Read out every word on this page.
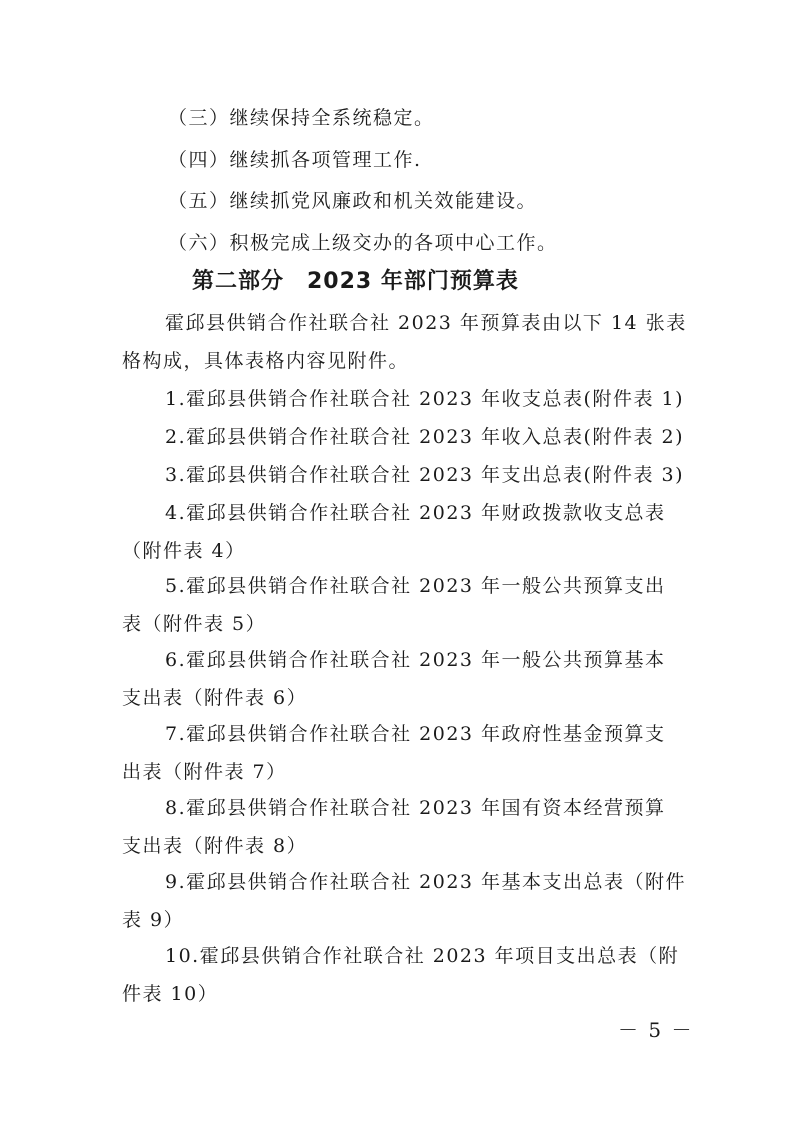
（三）继续保持全系统稳定。
（四）继续抓各项管理工作.
（五）继续抓党风廉政和机关效能建设。
（六）积极完成上级交办的各项中心工作。
第二部分　2023 年部门预算表
霍邱县供销合作社联合社 2023 年预算表由以下 14 张表
格构成，具体表格内容见附件。
1.霍邱县供销合作社联合社 2023 年收支总表(附件表 1)
2.霍邱县供销合作社联合社 2023 年收入总表(附件表 2)
3.霍邱县供销合作社联合社 2023 年支出总表(附件表 3)
4.霍邱县供销合作社联合社 2023 年财政拨款收支总表
（附件表 4）
5.霍邱县供销合作社联合社 2023 年一般公共预算支出
表（附件表 5）
6.霍邱县供销合作社联合社 2023 年一般公共预算基本
支出表（附件表 6）
7.霍邱县供销合作社联合社 2023 年政府性基金预算支
出表（附件表 7）
8.霍邱县供销合作社联合社 2023 年国有资本经营预算
支出表（附件表 8）
9.霍邱县供销合作社联合社 2023 年基本支出总表（附件
表 9）
10.霍邱县供销合作社联合社 2023 年项目支出总表（附
件表 10）
－ 5 －
